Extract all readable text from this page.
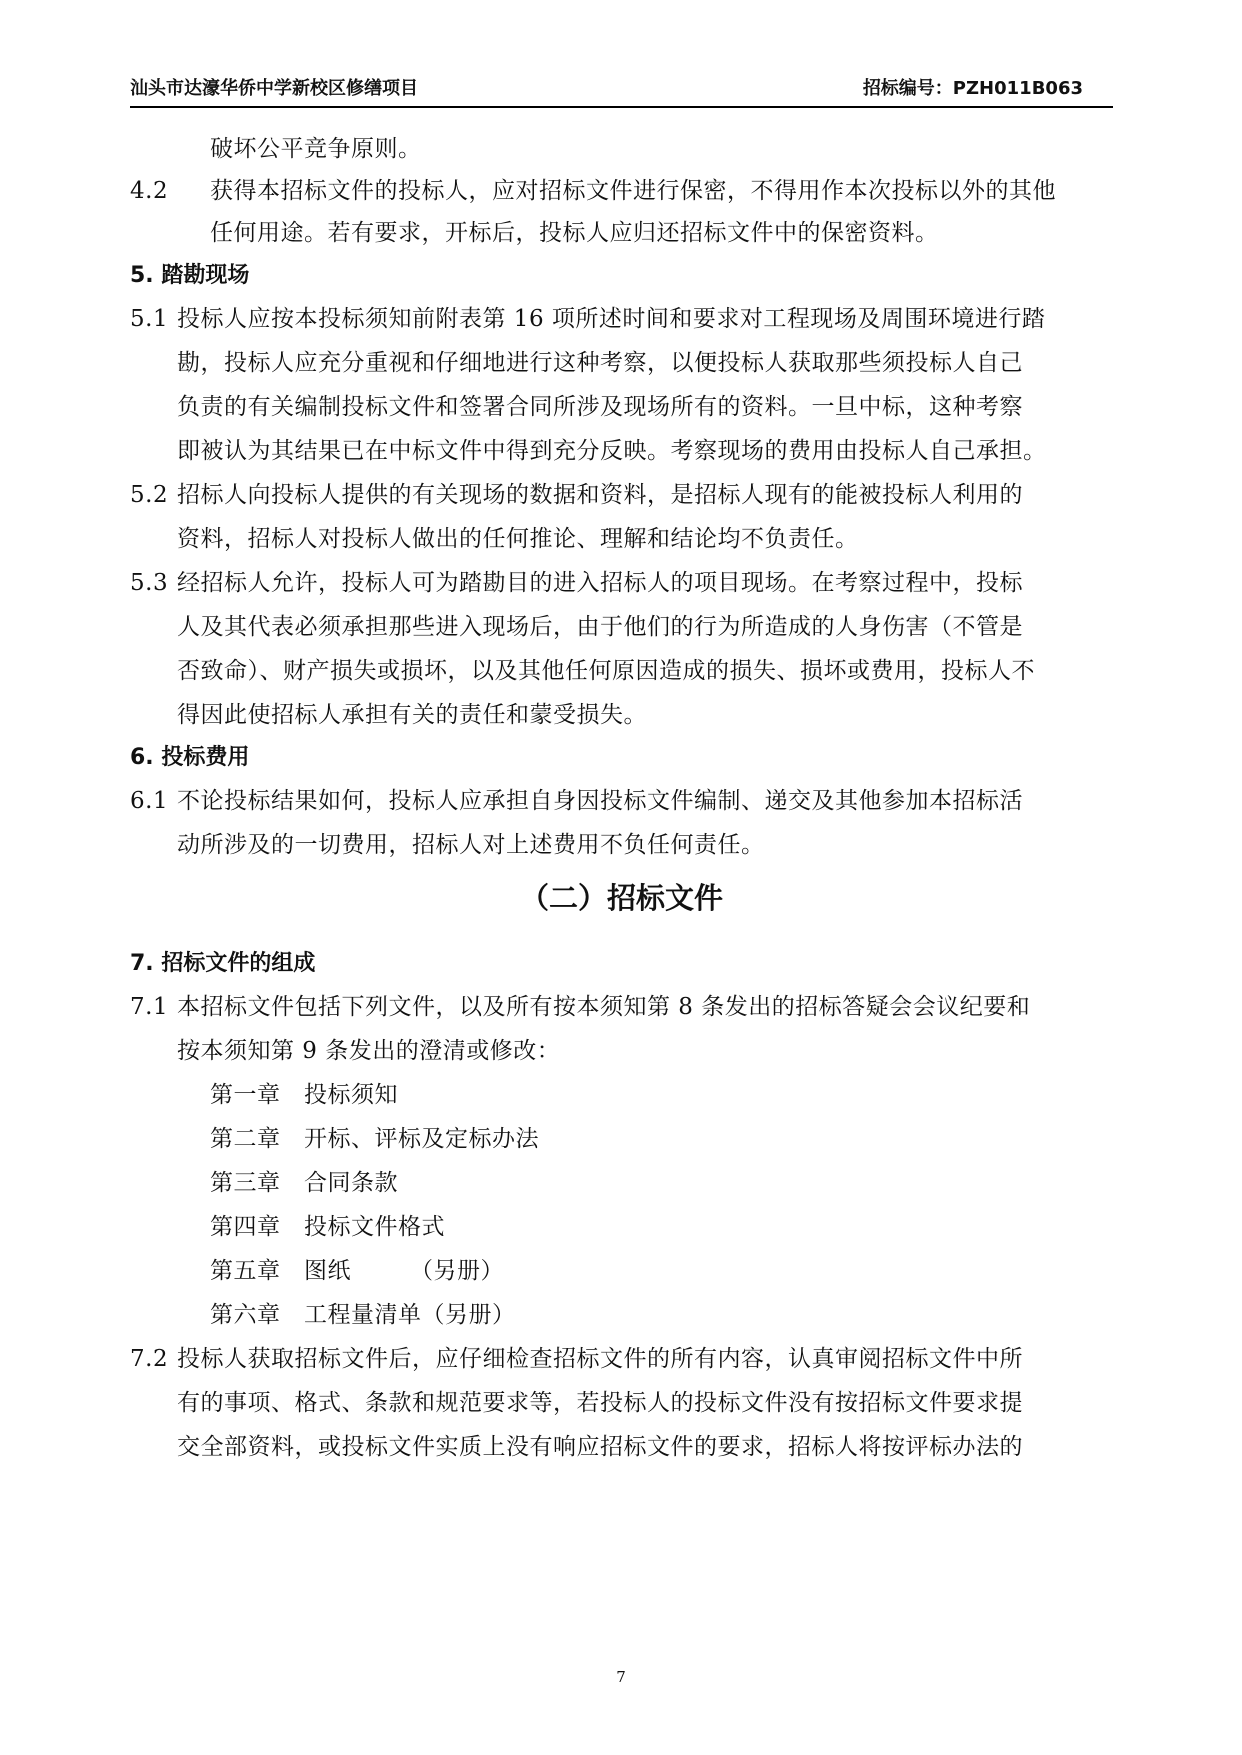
汕头市达濠华侨中学新校区修缮项目	招标编号：PZH011B063
破坏公平竞争原则。
4.2 获得本招标文件的投标人，应对招标文件进行保密，不得用作本次投标以外的其他
任何用途。若有要求，开标后，投标人应归还招标文件中的保密资料。
5. 踏勘现场
5.1 投标人应按本投标须知前附表第 16 项所述时间和要求对工程现场及周围环境进行踏
勘，投标人应充分重视和仔细地进行这种考察，以便投标人获取那些须投标人自己
负责的有关编制投标文件和签署合同所涉及现场所有的资料。一旦中标，这种考察
即被认为其结果已在中标文件中得到充分反映。考察现场的费用由投标人自己承担。
5.2 招标人向投标人提供的有关现场的数据和资料，是招标人现有的能被投标人利用的
资料，招标人对投标人做出的任何推论、理解和结论均不负责任。
5.3 经招标人允许，投标人可为踏勘目的进入招标人的项目现场。在考察过程中，投标
人及其代表必须承担那些进入现场后，由于他们的行为所造成的人身伤害（不管是
否致命）、财产损失或损坏，以及其他任何原因造成的损失、损坏或费用，投标人不
得因此使招标人承担有关的责任和蒙受损失。
6. 投标费用
6.1 不论投标结果如何，投标人应承担自身因投标文件编制、递交及其他参加本招标活
动所涉及的一切费用，招标人对上述费用不负任何责任。
（二）招标文件
7. 招标文件的组成
7.1 本招标文件包括下列文件，以及所有按本须知第 8 条发出的招标答疑会会议纪要和
按本须知第 9 条发出的澄清或修改：
第一章　投标须知
第二章　开标、评标及定标办法
第三章　合同条款
第四章　投标文件格式
第五章　图纸　　　（另册）
第六章　工程量清单（另册）
7.2 投标人获取招标文件后，应仔细检查招标文件的所有内容，认真审阅招标文件中所
有的事项、格式、条款和规范要求等，若投标人的投标文件没有按招标文件要求提
交全部资料，或投标文件实质上没有响应招标文件的要求，招标人将按评标办法的
7
